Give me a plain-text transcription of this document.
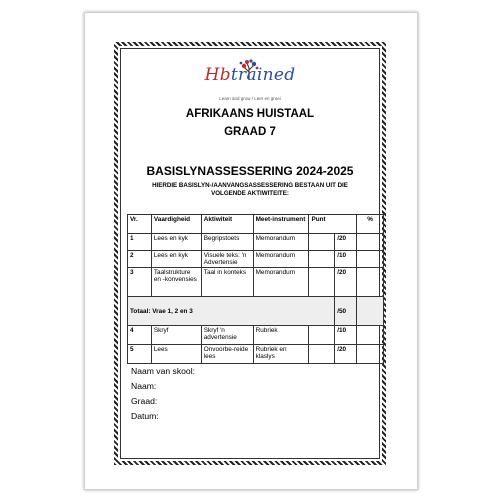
Hbtrained
Learn and grow / Leer en groei
AFRIKAANS HUISTAAL
GRAAD 7
BASISLYNASSESSERING 2024-2025
HIERDIE BASISLYN-/AANVANGSASSESSERING BESTAAN UIT DIE VOLGENDE AKTIWITEITE:
Vr.	Vaardigheid	Aktiwiteit	Meet-instrument	Punt		%
1	Lees en kyk	Begripstoets	Memorandum		/20	
2	Lees en kyk	Visuele teks: 'n Advertensie	Memorandum		/10	
3	Taalstrukture en -konvensies	Taal in konteks	Memorandum		/20	
Totaal: Vrae 1, 2 en 3					/50	
4	Skryf	Skryf 'n advertensie	Rubriek		/10	
5	Lees	Onvoorbe-reide lees	Rubriek en klaslys		/20	
Naam van skool:
Naam:
Graad:
Datum:
